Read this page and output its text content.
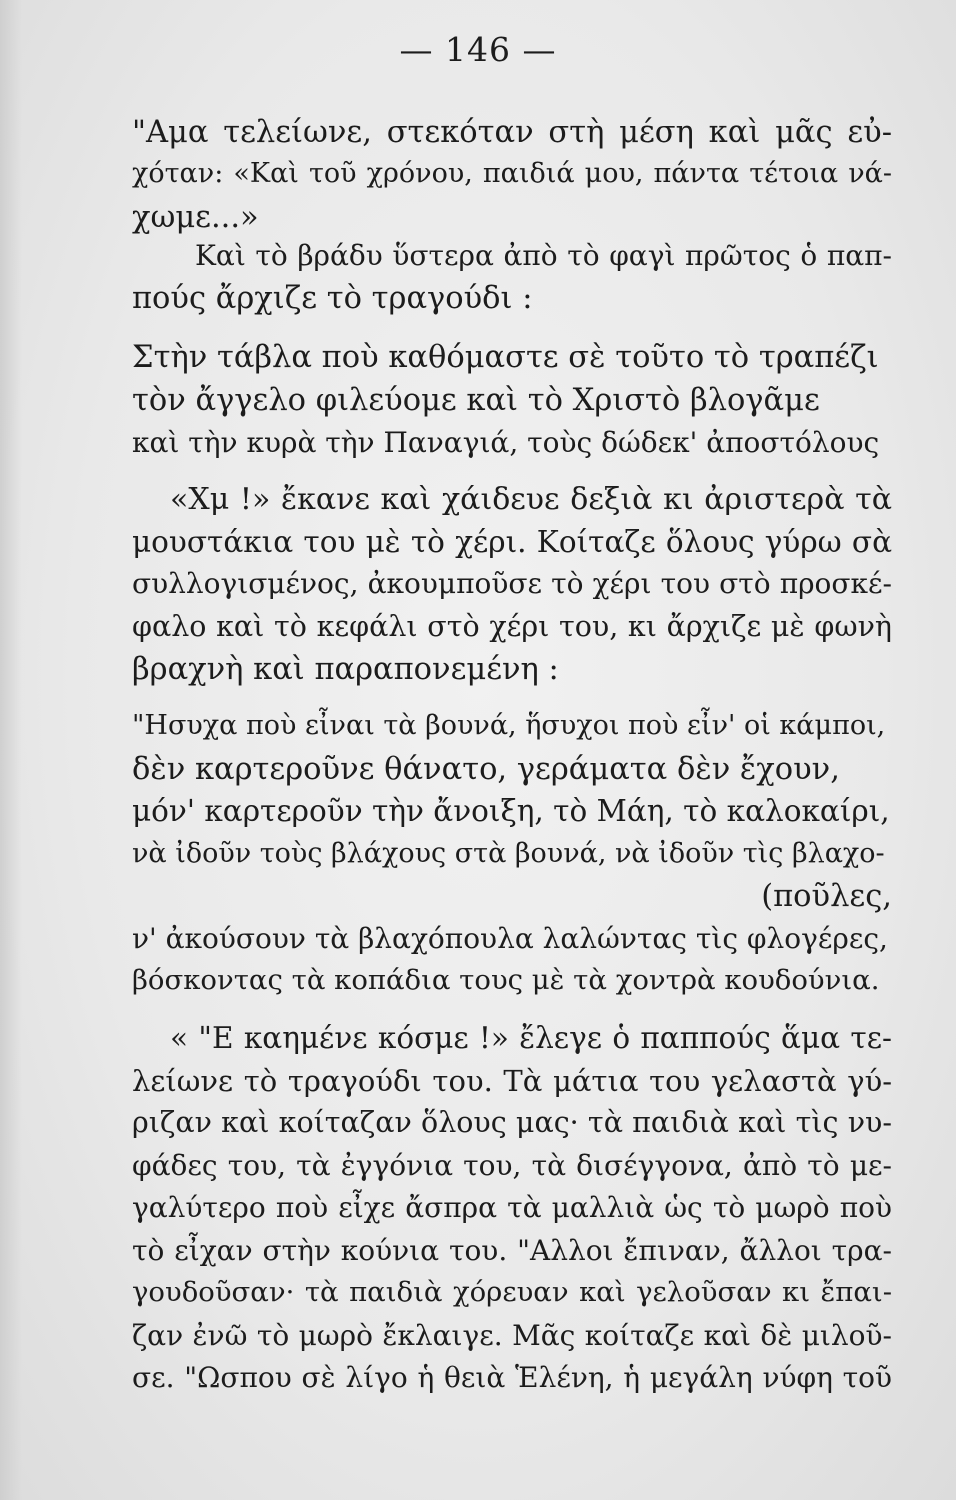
— 146 —
"Αμα τελείωνε, στεκόταν στὴ μέση καὶ μᾶς εὐ-
χόταν: «Καὶ τοῦ χρόνου, παιδιά μου, πάντα τέτοια νά-
χωμε...»
Καὶ τὸ βράδυ ὕστερα ἀπὸ τὸ φαγὶ πρῶτος ὁ παπ-
πούς ἄρχιζε τὸ τραγούδι :
Στὴν τάβλα ποὺ καθόμαστε σὲ τοῦτο τὸ τραπέζι
τὸν ἄγγελο φιλεύομε καὶ τὸ Χριστὸ βλογᾶμε
καὶ τὴν κυρὰ τὴν Παναγιά, τοὺς δώδεκ' ἀποστόλους
«Χμ !» ἔκανε καὶ χάιδευε δεξιὰ κι ἀριστερὰ τὰ
μουστάκια του μὲ τὸ χέρι. Κοίταζε ὅλους γύρω σὰ
συλλογισμένος, ἀκουμποῦσε τὸ χέρι του στὸ προσκέ-
φαλο καὶ τὸ κεφάλι στὸ χέρι του, κι ἄρχιζε μὲ φωνὴ
βραχνὴ καὶ παραπονεμένη :
"Ησυχα ποὺ εἶναι τὰ βουνά, ἥσυχοι ποὺ εἶν' οἱ κάμποι,
δὲν καρτεροῦνε θάνατο, γεράματα δὲν ἔχουν,
μόν' καρτεροῦν τὴν ἄνοιξη, τὸ Μάη, τὸ καλοκαίρι,
νὰ ἰδοῦν τοὺς βλάχους στὰ βουνά, νὰ ἰδοῦν τὶς βλαχο-
(ποῦλες,
ν' ἀκούσουν τὰ βλαχόπουλα λαλώντας τὶς φλογέρες,
βόσκοντας τὰ κοπάδια τους μὲ τὰ χοντρὰ κουδούνια.
« "Ε καημένε κόσμε !» ἔλεγε ὁ παππούς ἅμα τε-
λείωνε τὸ τραγούδι του. Τὰ μάτια του γελαστὰ γύ-
ριζαν καὶ κοίταζαν ὅλους μας· τὰ παιδιὰ καὶ τὶς νυ-
φάδες του, τὰ ἐγγόνια του, τὰ δισέγγονα, ἀπὸ τὸ με-
γαλύτερο ποὺ εἶχε ἄσπρα τὰ μαλλιὰ ὡς τὸ μωρὸ ποὺ
τὸ εἶχαν στὴν κούνια του. "Αλλοι ἔπιναν, ἄλλοι τρα-
γουδοῦσαν· τὰ παιδιὰ χόρευαν καὶ γελοῦσαν κι ἔπαι-
ζαν ἐνῶ τὸ μωρὸ ἔκλαιγε. Μᾶς κοίταζε καὶ δὲ μιλοῦ-
σε. "Ωσπου σὲ λίγο ἡ θειὰ Ἑλένη, ἡ μεγάλη νύφη τοῦ
